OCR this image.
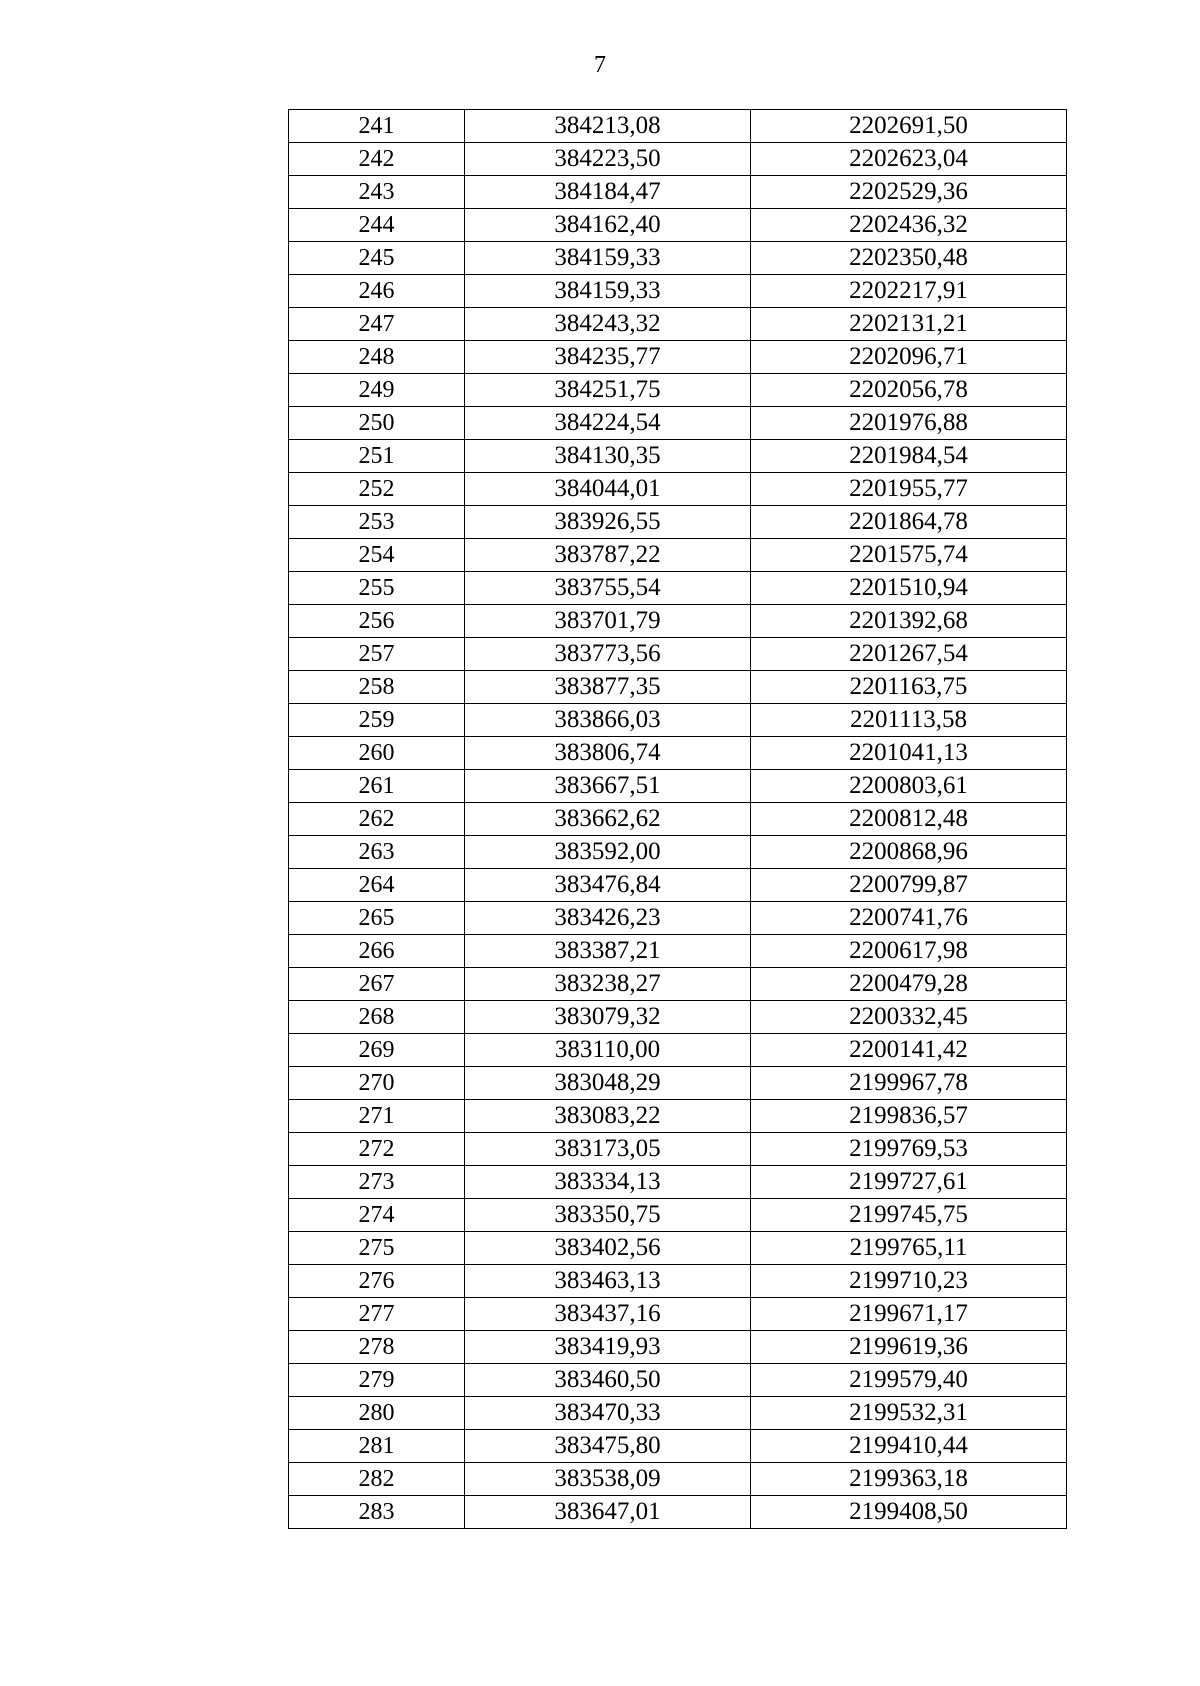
7
241	384213,08	2202691,50
242	384223,50	2202623,04
243	384184,47	2202529,36
244	384162,40	2202436,32
245	384159,33	2202350,48
246	384159,33	2202217,91
247	384243,32	2202131,21
248	384235,77	2202096,71
249	384251,75	2202056,78
250	384224,54	2201976,88
251	384130,35	2201984,54
252	384044,01	2201955,77
253	383926,55	2201864,78
254	383787,22	2201575,74
255	383755,54	2201510,94
256	383701,79	2201392,68
257	383773,56	2201267,54
258	383877,35	2201163,75
259	383866,03	2201113,58
260	383806,74	2201041,13
261	383667,51	2200803,61
262	383662,62	2200812,48
263	383592,00	2200868,96
264	383476,84	2200799,87
265	383426,23	2200741,76
266	383387,21	2200617,98
267	383238,27	2200479,28
268	383079,32	2200332,45
269	383110,00	2200141,42
270	383048,29	2199967,78
271	383083,22	2199836,57
272	383173,05	2199769,53
273	383334,13	2199727,61
274	383350,75	2199745,75
275	383402,56	2199765,11
276	383463,13	2199710,23
277	383437,16	2199671,17
278	383419,93	2199619,36
279	383460,50	2199579,40
280	383470,33	2199532,31
281	383475,80	2199410,44
282	383538,09	2199363,18
283	383647,01	2199408,50
